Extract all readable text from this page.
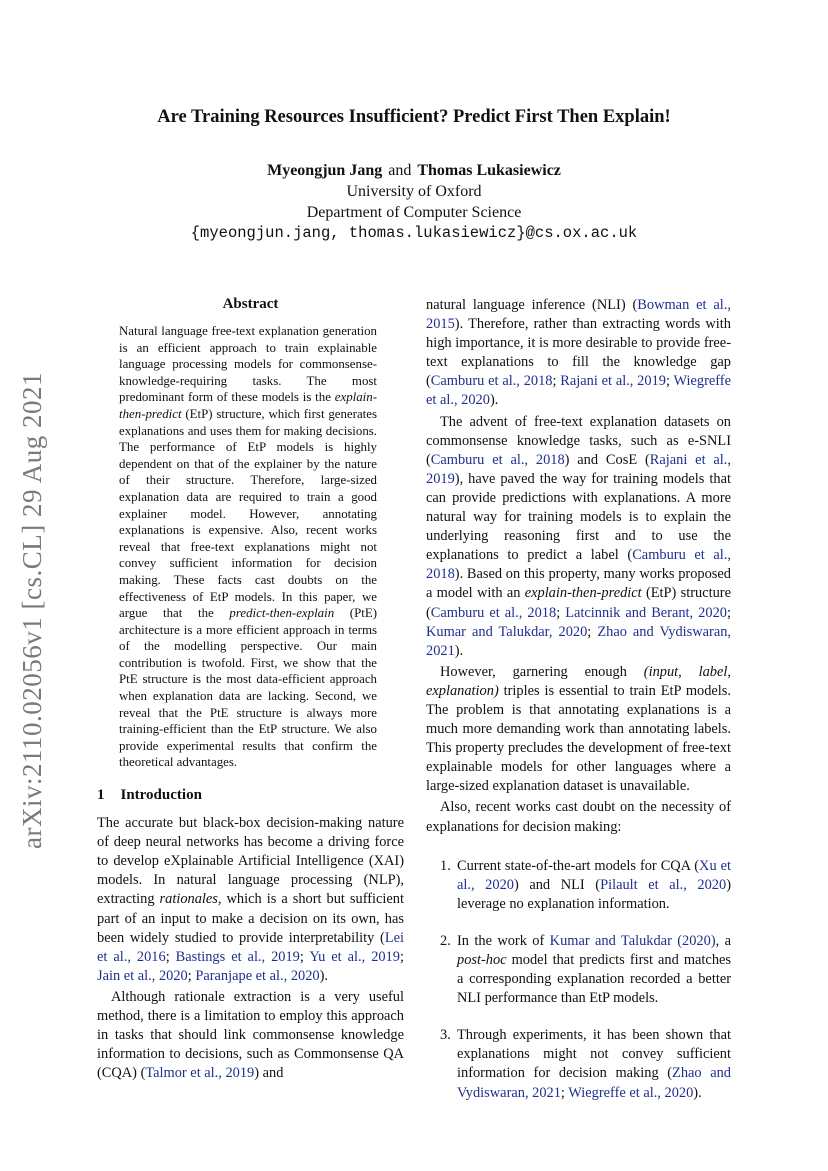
arXiv:2110.02056v1 [cs.CL] 29 Aug 2021
Are Training Resources Insufficient? Predict First Then Explain!
Myeongjun Jang and Thomas Lukasiewicz
University of Oxford
Department of Computer Science
{myeongjun.jang, thomas.lukasiewicz}@cs.ox.ac.uk
Abstract

Natural language free-text explanation generation is an efficient approach to train explainable language processing models for commonsense-knowledge-requiring tasks. The most predominant form of these models is the explain-then-predict (EtP) structure, which first generates explanations and uses them for making decisions. The performance of EtP models is highly dependent on that of the explainer by the nature of their structure. Therefore, large-sized explanation data are required to train a good explainer model. However, annotating explanations is expensive. Also, recent works reveal that free-text explanations might not convey sufficient information for decision making. These facts cast doubts on the effectiveness of EtP models. In this paper, we argue that the predict-then-explain (PtE) architecture is a more efficient approach in terms of the modelling perspective. Our main contribution is twofold. First, we show that the PtE structure is the most data-efficient approach when explanation data are lacking. Second, we reveal that the PtE structure is always more training-efficient than the EtP structure. We also provide experimental results that confirm the theoretical advantages.

1 Introduction

The accurate but black-box decision-making nature of deep neural networks has become a driving force to develop eXplainable Artificial Intelligence (XAI) models. In natural language processing (NLP), extracting rationales, which is a short but sufficient part of an input to make a decision on its own, has been widely studied to provide interpretability (Lei et al., 2016; Bastings et al., 2019; Yu et al., 2019; Jain et al., 2020; Paranjape et al., 2020).

Although rationale extraction is a very useful method, there is a limitation to employ this approach in tasks that should link commonsense knowledge information to decisions, such as Commonsense QA (CQA) (Talmor et al., 2019) and

natural language inference (NLI) (Bowman et al., 2015). Therefore, rather than extracting words with high importance, it is more desirable to provide free-text explanations to fill the knowledge gap (Camburu et al., 2018; Rajani et al., 2019; Wiegreffe et al., 2020).

The advent of free-text explanation datasets on commonsense knowledge tasks, such as e-SNLI (Camburu et al., 2018) and CosE (Rajani et al., 2019), have paved the way for training models that can provide predictions with explanations. A more natural way for training models is to explain the underlying reasoning first and to use the explanations to predict a label (Camburu et al., 2018). Based on this property, many works proposed a model with an explain-then-predict (EtP) structure (Camburu et al., 2018; Latcinnik and Berant, 2020; Kumar and Talukdar, 2020; Zhao and Vydiswaran, 2021).

However, garnering enough (input, label, explanation) triples is essential to train EtP models. The problem is that annotating explanations is a much more demanding work than annotating labels. This property precludes the development of free-text explainable models for other languages where a large-sized explanation dataset is unavailable.

Also, recent works cast doubt on the necessity of explanations for decision making:

1. Current state-of-the-art models for CQA (Xu et al., 2020) and NLI (Pilault et al., 2020) leverage no explanation information.
2. In the work of Kumar and Talukdar (2020), a post-hoc model that predicts first and matches a corresponding explanation recorded a better NLI performance than EtP models.
3. Through experiments, it has been shown that explanations might not convey sufficient information for decision making (Zhao and Vydiswaran, 2021; Wiegreffe et al., 2020).
